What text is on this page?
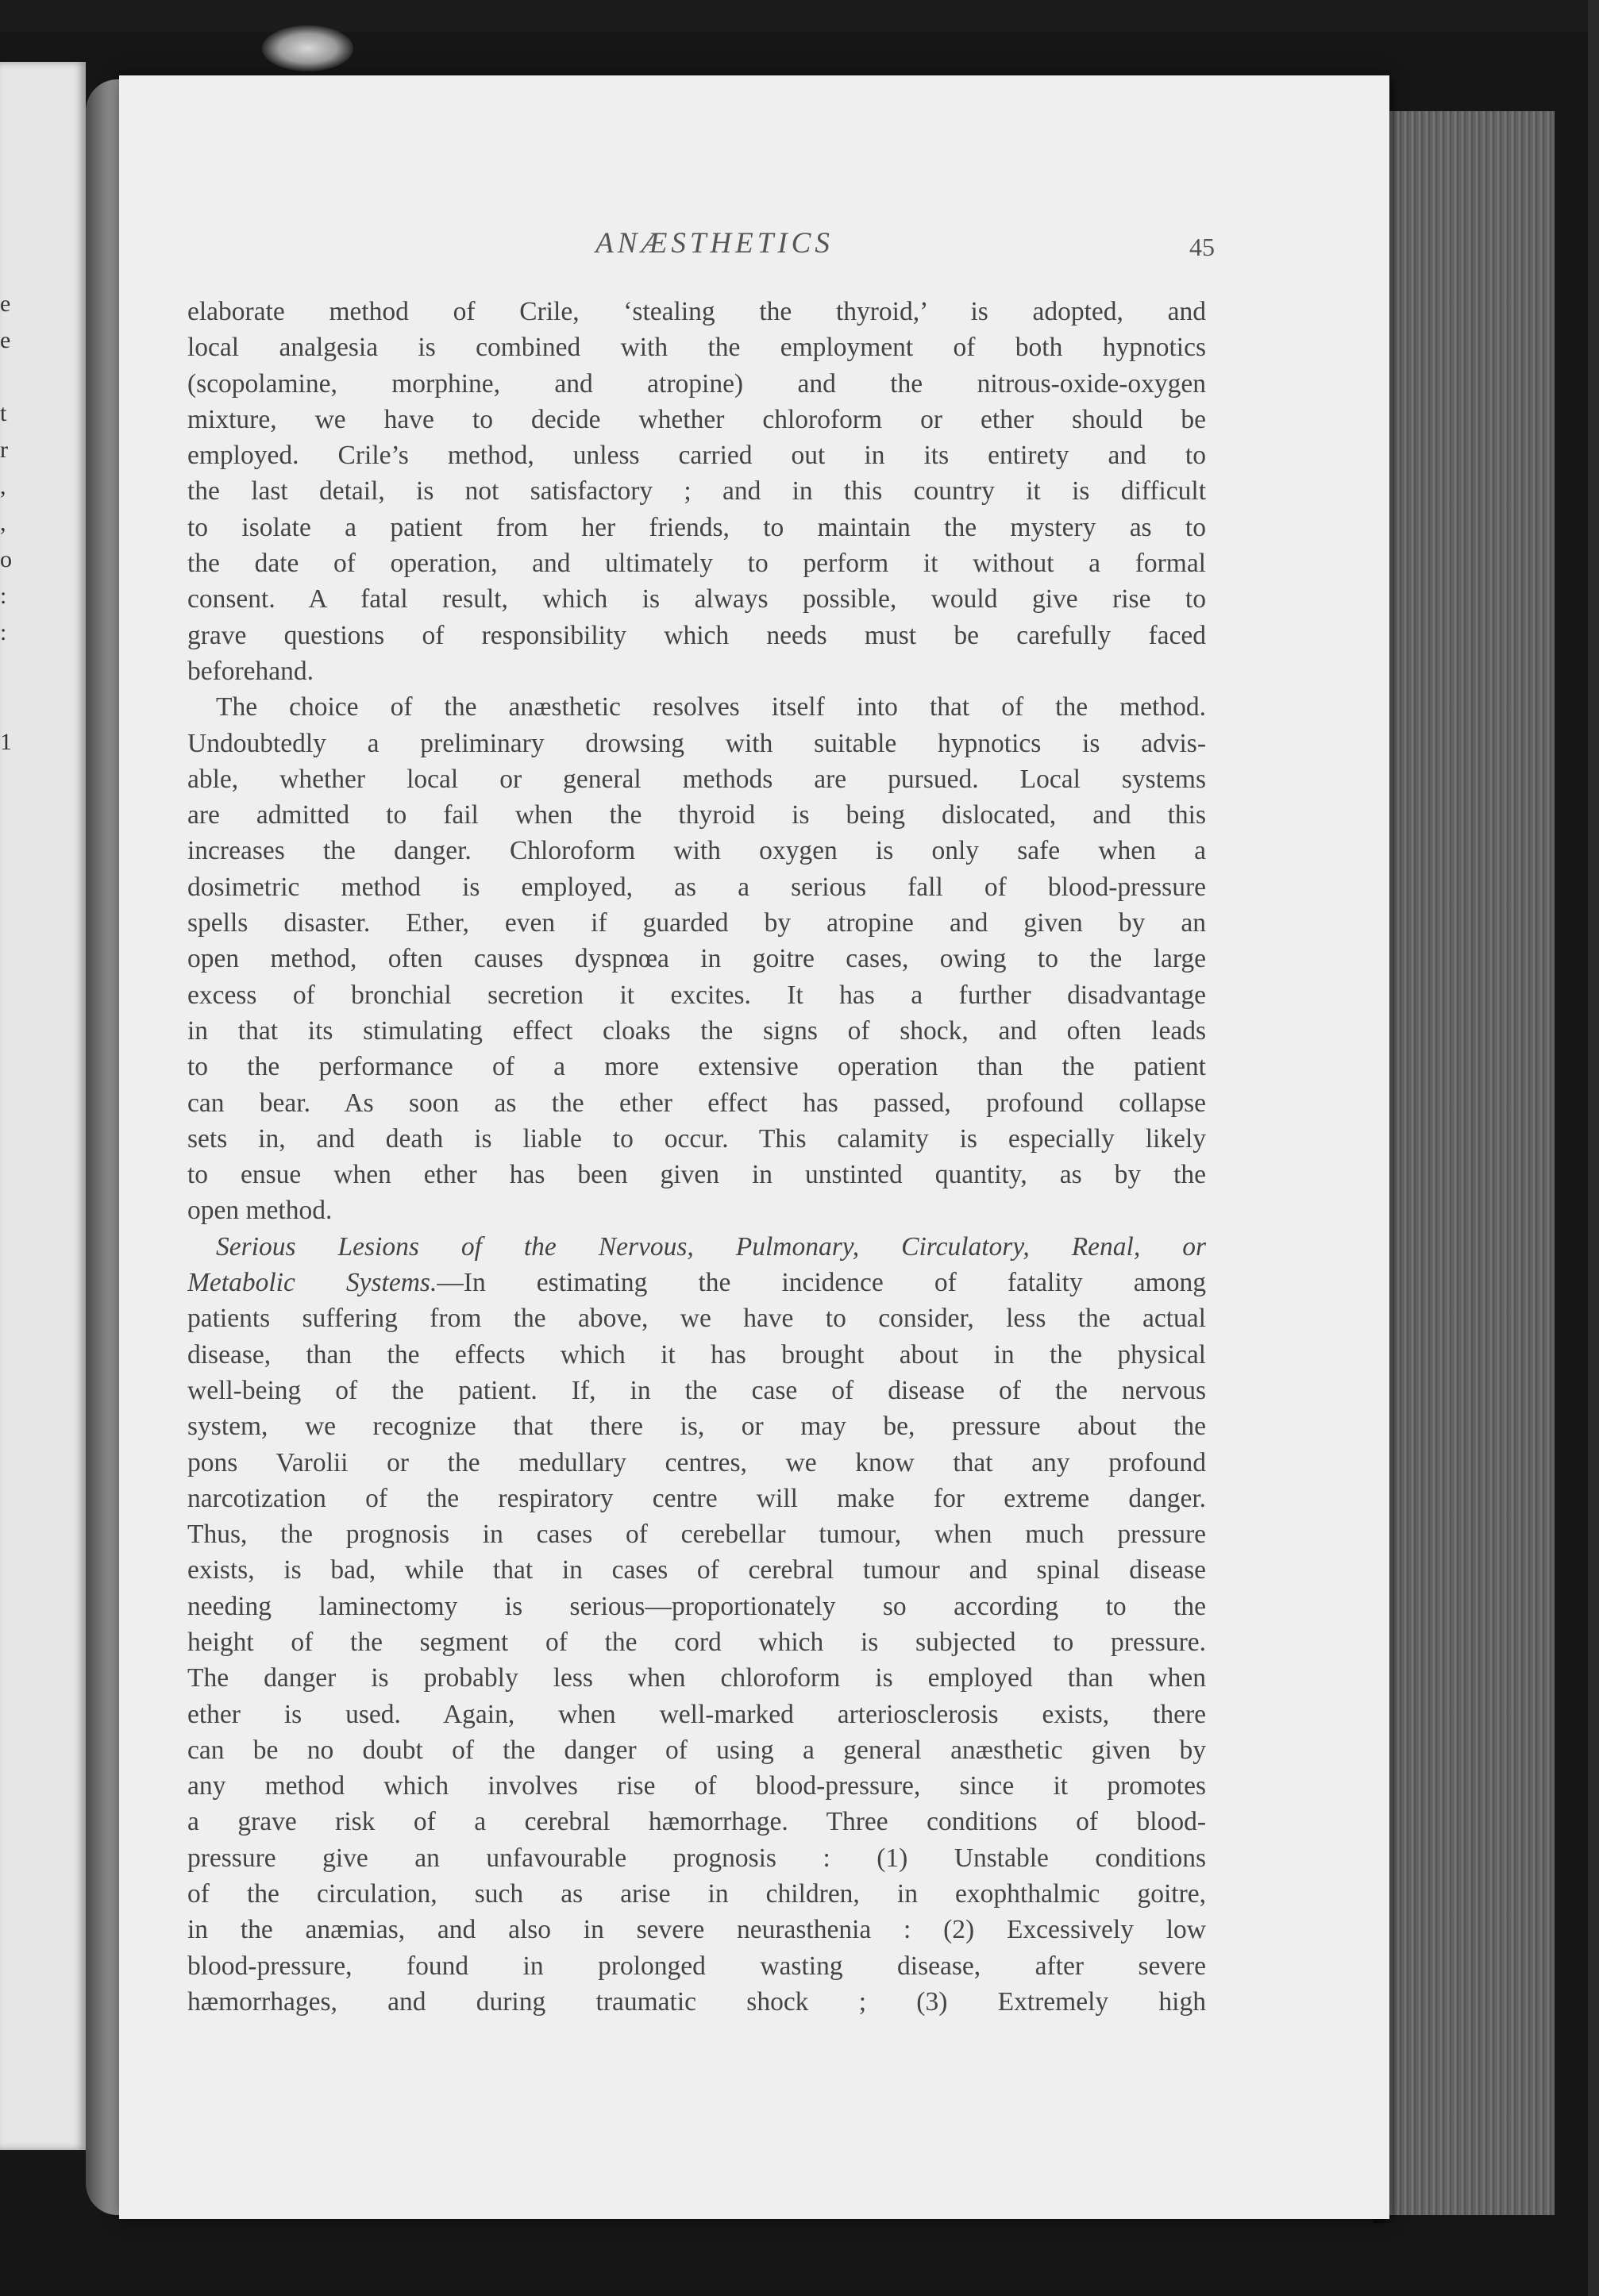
e
e
t
r
,
,
o
:
:
1
ANÆSTHETICS	45
elaborate method of Crile, ‘stealing the thyroid,’ is adopted, and
local analgesia is combined with the employment of both hypnotics
(scopolamine, morphine, and atropine) and the nitrous-oxide-oxygen
mixture, we have to decide whether chloroform or ether should be
employed. Crile’s method, unless carried out in its entirety and to
the last detail, is not satisfactory ; and in this country it is difficult
to isolate a patient from her friends, to maintain the mystery as to
the date of operation, and ultimately to perform it without a formal
consent. A fatal result, which is always possible, would give rise to
grave questions of responsibility which needs must be carefully faced
beforehand.
The choice of the anæsthetic resolves itself into that of the method.
Undoubtedly a preliminary drowsing with suitable hypnotics is advis-
able, whether local or general methods are pursued. Local systems
are admitted to fail when the thyroid is being dislocated, and this
increases the danger. Chloroform with oxygen is only safe when a
dosimetric method is employed, as a serious fall of blood-pressure
spells disaster. Ether, even if guarded by atropine and given by an
open method, often causes dyspnœa in goitre cases, owing to the large
excess of bronchial secretion it excites. It has a further disadvantage
in that its stimulating effect cloaks the signs of shock, and often leads
to the performance of a more extensive operation than the patient
can bear. As soon as the ether effect has passed, profound collapse
sets in, and death is liable to occur. This calamity is especially likely
to ensue when ether has been given in unstinted quantity, as by the
open method.
Serious Lesions of the Nervous, Pulmonary, Circulatory, Renal, or
Metabolic Systems.—In estimating the incidence of fatality among
patients suffering from the above, we have to consider, less the actual
disease, than the effects which it has brought about in the physical
well-being of the patient. If, in the case of disease of the nervous
system, we recognize that there is, or may be, pressure about the
pons Varolii or the medullary centres, we know that any profound
narcotization of the respiratory centre will make for extreme danger.
Thus, the prognosis in cases of cerebellar tumour, when much pressure
exists, is bad, while that in cases of cerebral tumour and spinal disease
needing laminectomy is serious—proportionately so according to the
height of the segment of the cord which is subjected to pressure.
The danger is probably less when chloroform is employed than when
ether is used. Again, when well-marked arteriosclerosis exists, there
can be no doubt of the danger of using a general anæsthetic given by
any method which involves rise of blood-pressure, since it promotes
a grave risk of a cerebral hæmorrhage. Three conditions of blood-
pressure give an unfavourable prognosis : (1) Unstable conditions
of the circulation, such as arise in children, in exophthalmic goitre,
in the anæmias, and also in severe neurasthenia : (2) Excessively low
blood-pressure, found in prolonged wasting disease, after severe
hæmorrhages, and during traumatic shock ; (3) Extremely high
